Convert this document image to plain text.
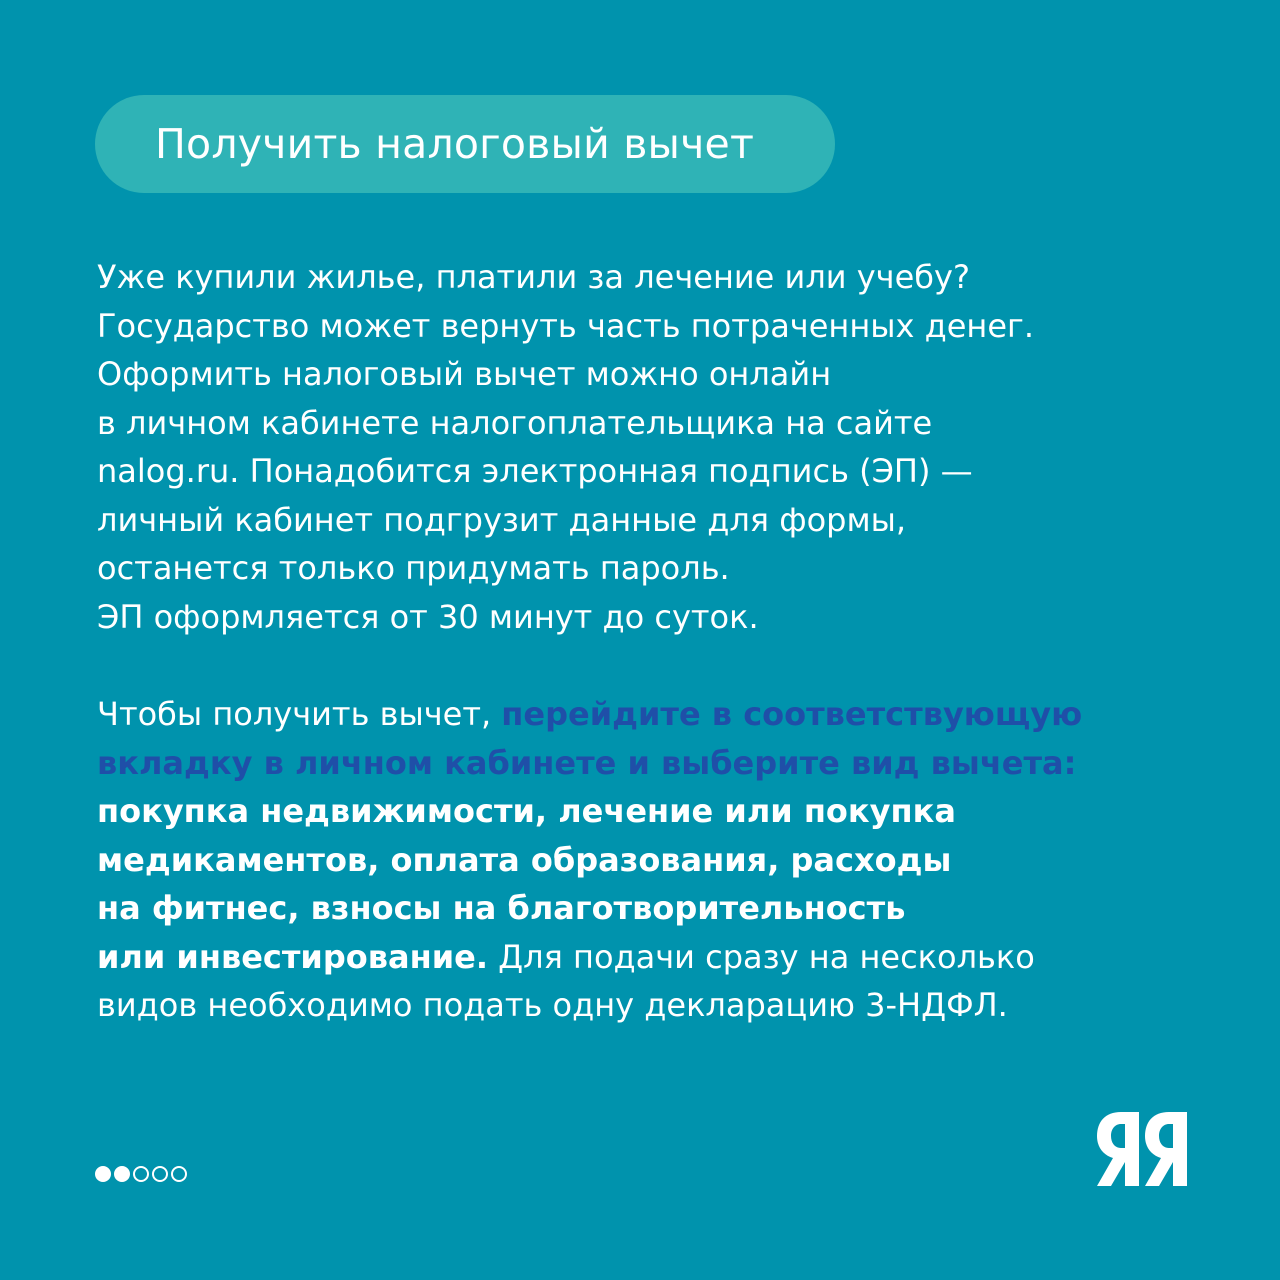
Получить налоговый вычет

Уже купили жилье, платили за лечение или учебу?
Государство может вернуть часть потраченных денег.
Оформить налоговый вычет можно онлайн
в личном кабинете налогоплательщика на сайте
nalog.ru. Понадобится электронная подпись (ЭП) —
личный кабинет подгрузит данные для формы,
останется только придумать пароль.
ЭП оформляется от 30 минут до суток.

Чтобы получить вычет, перейдите в соответствующую
вкладку в личном кабинете и выберите вид вычета:
покупка недвижимости, лечение или покупка
медикаментов, оплата образования, расходы
на фитнес, взносы на благотворительность
или инвестирование. Для подачи сразу на несколько
видов необходимо подать одну декларацию 3-НДФЛ.
